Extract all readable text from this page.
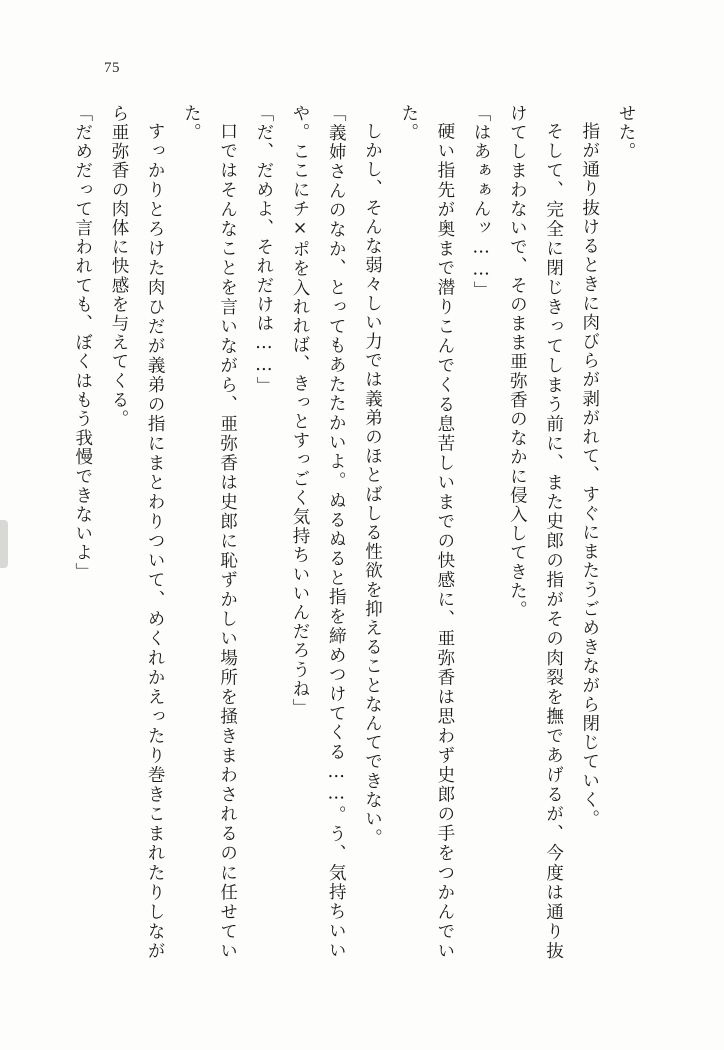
75

せた。

指が通り抜けるときに肉びらが剥がれて、すぐにまたうごめきながら閉じていく。

そして、完全に閉じきってしまう前に、また史郎の指がその肉裂を撫であげるが、今度は通り抜けてしまわないで、そのまま亜弥香のなかに侵入してきた。

「はあぁぁんッ……」

硬い指先が奥まで潜りこんでくる息苦しいまでの快感に、亜弥香は思わず史郎の手をつかんでいた。

しかし、そんな弱々しい力では義弟のほとばしる性欲を抑えることなんてできない。

「義姉さんのなか、とってもあたたかいよ。ぬるぬると指を締めつけてくる……。う、気持ちいいや。ここにチ×ポを入れれば、きっとすっごく気持ちいいんだろうね」

「だ、だめよ、それだけは……」

口ではそんなことを言いながら、亜弥香は史郎に恥ずかしい場所を掻きまわされるのに任せていた。

すっかりとろけた肉ひだが義弟の指にまとわりついて、めくれかえったり巻きこまれたりしながら亜弥香の肉体に快感を与えてくる。

「だめだって言われても、ぼくはもう我慢できないよ」
